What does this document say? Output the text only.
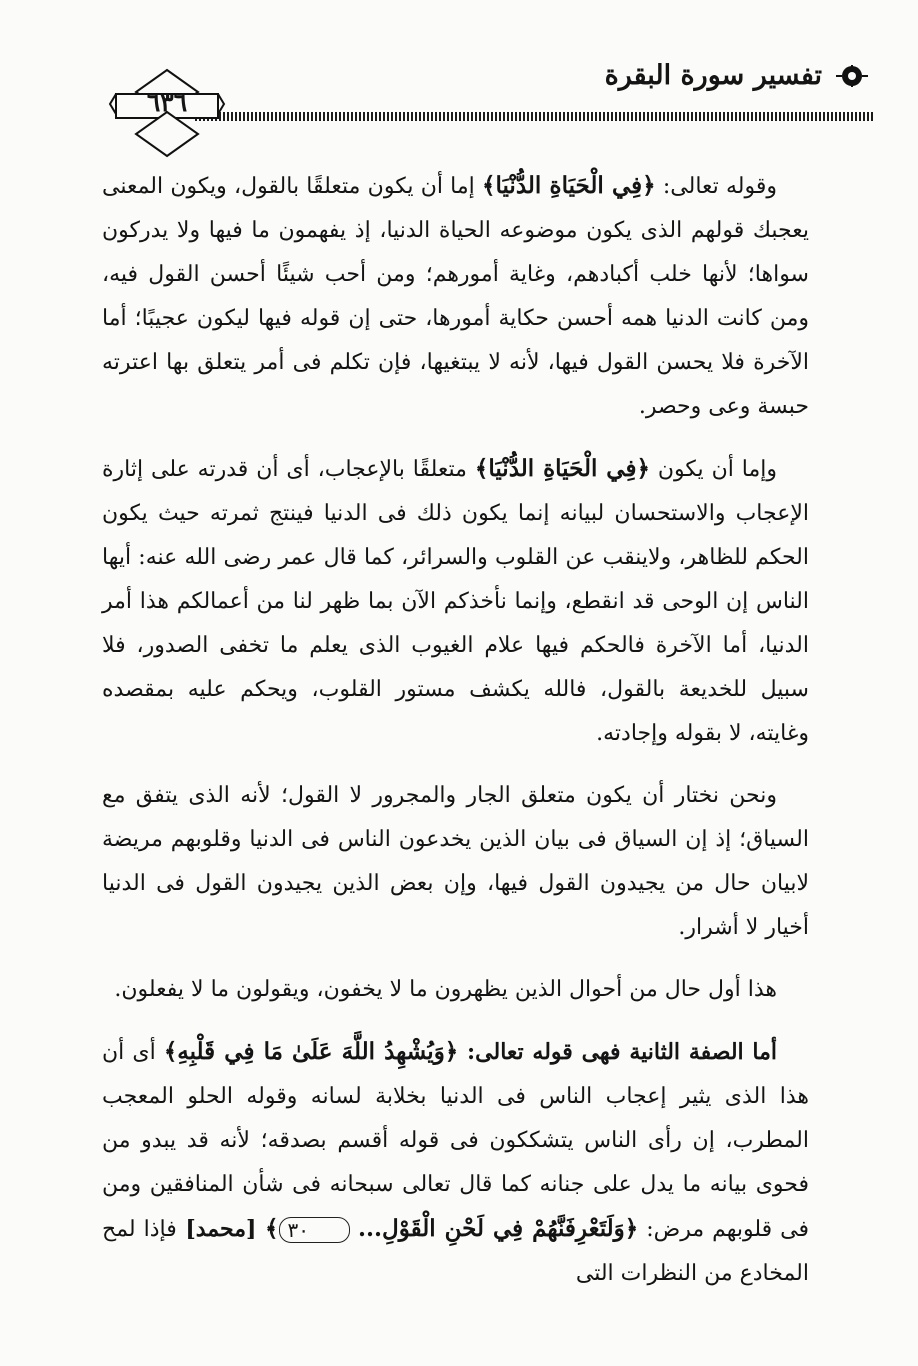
تفسير سورة البقرة
٦٣٦

وقوله تعالى: ﴿فِي الْحَيَاةِ الدُّنْيَا﴾ إما أن يكون متعلقًا بالقول، ويكون المعنى يعجبك قولهم الذى يكون موضوعه الحياة الدنيا، إذ يفهمون ما فيها ولا يدركون سواها؛ لأنها خلب أكبادهم، وغاية أمورهم؛ ومن أحب شيئًا أحسن القول فيه، ومن كانت الدنيا همه أحسن حكاية أمورها، حتى إن قوله فيها ليكون عجيبًا؛ أما الآخرة فلا يحسن القول فيها، لأنه لا يبتغيها، فإن تكلم فى أمر يتعلق بها اعترته حبسة وعى وحصر.

وإما أن يكون ﴿فِي الْحَيَاةِ الدُّنْيَا﴾ متعلقًا بالإعجاب، أى أن قدرته على إثارة الإعجاب والاستحسان لبيانه إنما يكون ذلك فى الدنيا فينتج ثمرته حيث يكون الحكم للظاهر، ولاينقب عن القلوب والسرائر، كما قال عمر رضى الله عنه: أيها الناس إن الوحى قد انقطع، وإنما نأخذكم الآن بما ظهر لنا من أعمالكم هذا أمر الدنيا، أما الآخرة فالحكم فيها علام الغيوب الذى يعلم ما تخفى الصدور، فلا سبيل للخديعة بالقول، فالله يكشف مستور القلوب، ويحكم عليه بمقصده وغايته، لا بقوله وإجادته.

ونحن نختار أن يكون متعلق الجار والمجرور لا القول؛ لأنه الذى يتفق مع السياق؛ إذ إن السياق فى بيان الذين يخدعون الناس فى الدنيا وقلوبهم مريضة لابيان حال من يجيدون القول فيها، وإن بعض الذين يجيدون القول فى الدنيا أخيار لا أشرار.

هذا أول حال من أحوال الذين يظهرون ما لا يخفون، ويقولون ما لا يفعلون.

أما الصفة الثانية فهى قوله تعالى: ﴿وَيُشْهِدُ اللَّهَ عَلَىٰ مَا فِي قَلْبِهِ﴾ أى أن هذا الذى يثير إعجاب الناس فى الدنيا بخلابة لسانه وقوله الحلو المعجب المطرب، إن رأى الناس يتشككون فى قوله أقسم بصدقه؛ لأنه قد يبدو من فحوى بيانه ما يدل على جنانه كما قال تعالى سبحانه فى شأن المنافقين ومن فى قلوبهم مرض: ﴿وَلَتَعْرِفَنَّهُمْ فِي لَحْنِ الْقَوْلِ... ٣٠﴾ [محمد] فإذا لمح المخادع من النظرات التى
